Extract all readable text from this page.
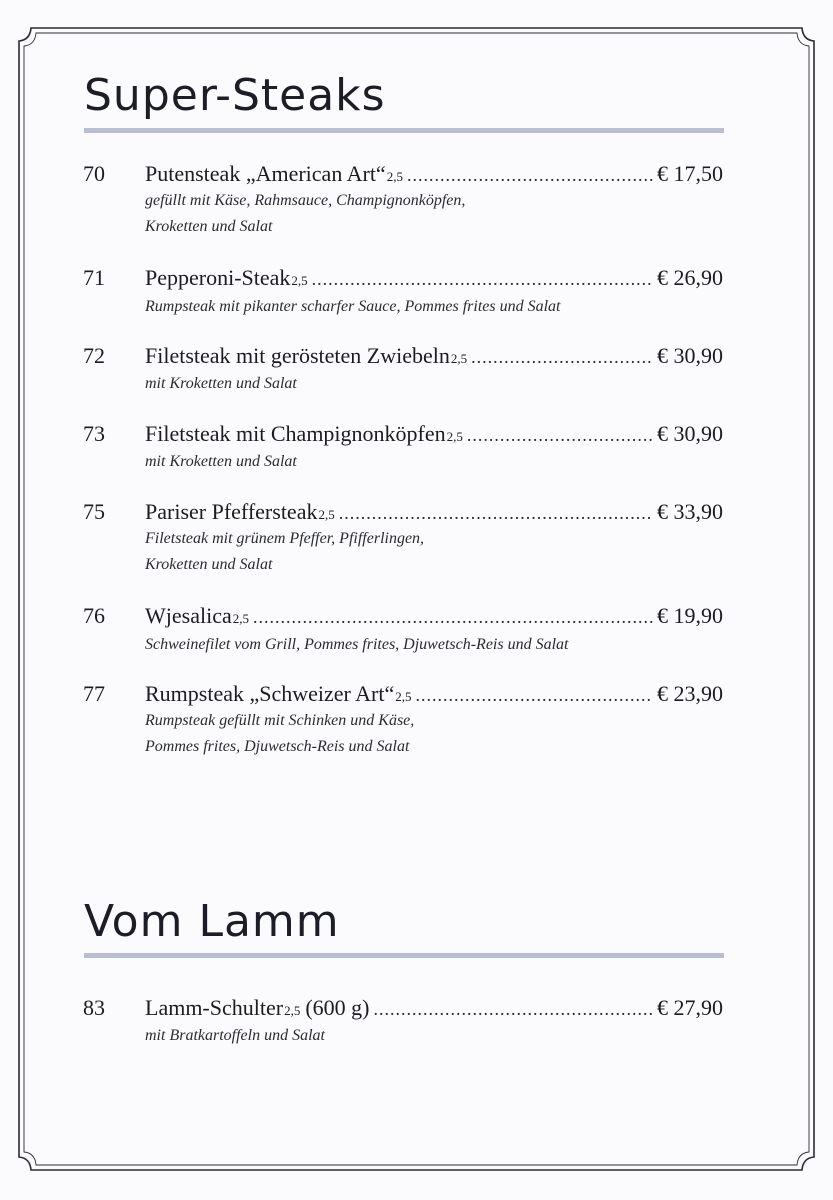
Super-Steaks
70 Putensteak „American Art“ 2,5 .....	€ 17,50
gefüllt mit Käse, Rahmsauce, Champignonköpfen,
Kroketten und Salat
71 Pepperoni-Steak 2,5 .....	€ 26,90
Rumpsteak mit pikanter scharfer Sauce, Pommes frites und Salat
72 Filetsteak mit gerösteten Zwiebeln 2,5 .....	€ 30,90
mit Kroketten und Salat
73 Filetsteak mit Champignonköpfen 2,5 .....	€ 30,90
mit Kroketten und Salat
75 Pariser Pfeffersteak 2,5 .....	€ 33,90
Filetsteak mit grünem Pfeffer, Pfifferlingen,
Kroketten und Salat
76 Wjesalica 2,5 .....	€ 19,90
Schweinefilet vom Grill, Pommes frites, Djuwetsch-Reis und Salat
77 Rumpsteak „Schweizer Art“ 2,5 .....	€ 23,90
Rumpsteak gefüllt mit Schinken und Käse,
Pommes frites, Djuwetsch-Reis und Salat
Vom Lamm
83 Lamm-Schulter 2,5 (600 g) .....	€ 27,90
mit Bratkartoffeln und Salat
